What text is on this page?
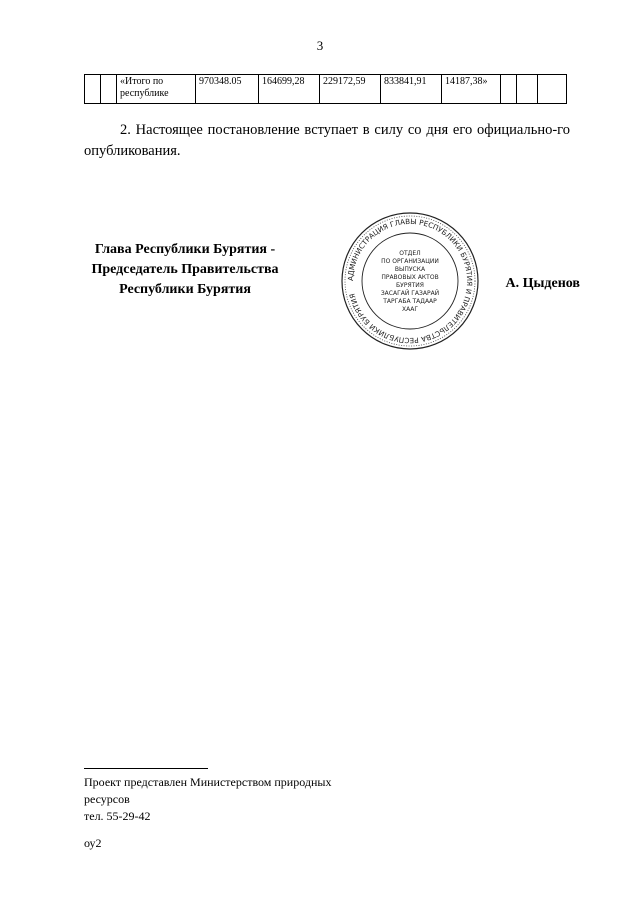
3
		«Итого по республике	970348.05	164699,28	229172,59	833841,91	14187,38»			
2. Настоящее постановление вступает в силу со дня его официально-го опубликования.
Глава Республики Бурятия -
Председатель Правительства
Республики Бурятия
АДМИНИСТРАЦИЯ ГЛАВЫ РЕСПУБЛИКИ БУРЯТИЯ И ПРАВИТЕЛЬСТВА РЕСПУБЛИКИ БУРЯТИЯ
ОТДЕЛ
ПО ОРГАНИЗАЦИИ
ВЫПУСКА
ПРАВОВЫХ АКТОВ
БУРЯТИЯ
ЗАСАГАЙ ГАЗАРАЙ
ТАРГАБА ТАДААР
ХААГ
А. Цыденов
Проект представлен Министерством природных
ресурсов
тел. 55-29-42
оу2
